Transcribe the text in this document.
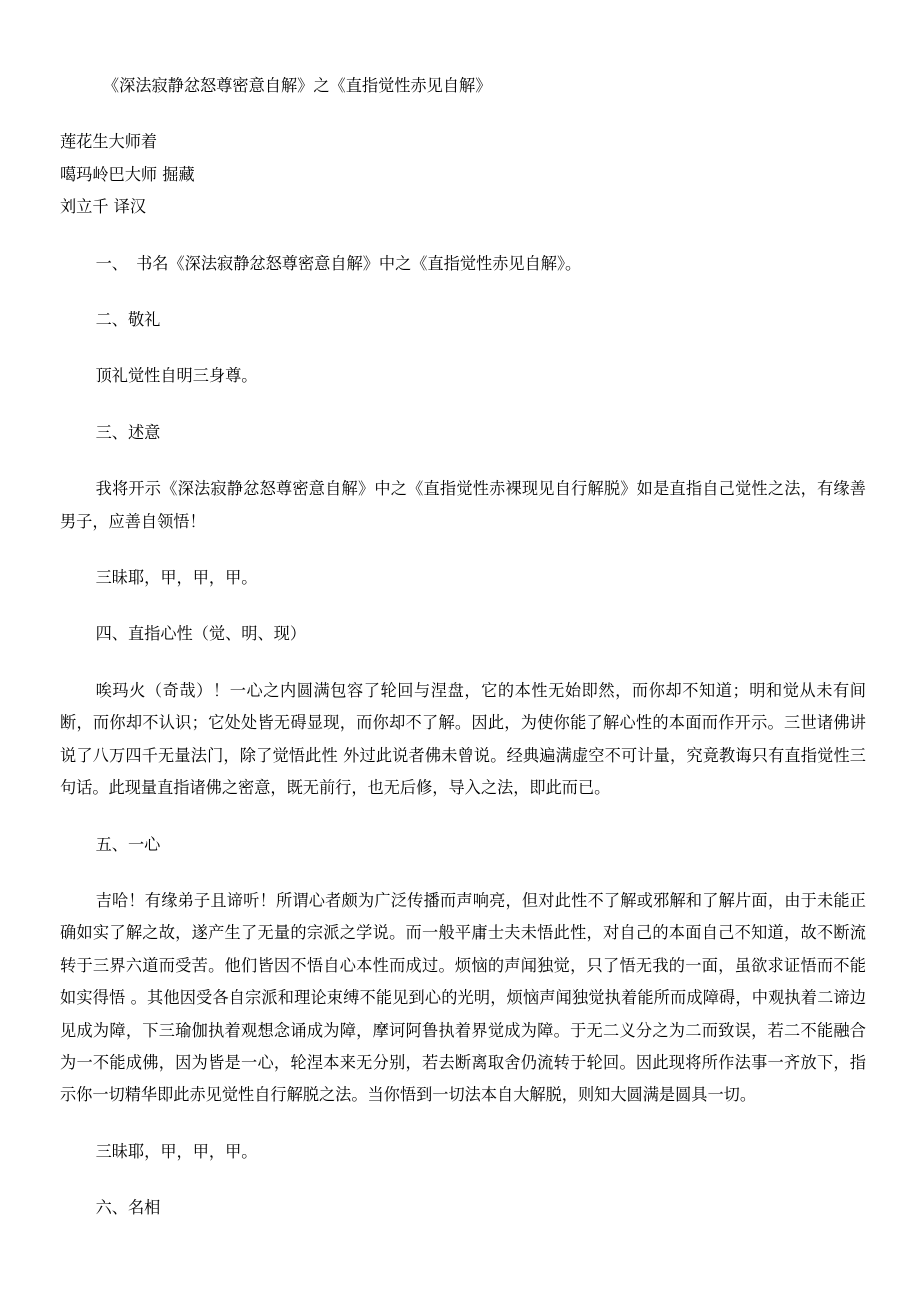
《深法寂静忿怒尊密意自解》之《直指觉性赤见自解》

莲花生大师着

噶玛岭巴大师 掘藏

刘立千 译汉

一、　书名《深法寂静忿怒尊密意自解》中之《直指觉性赤见自解》。

二、敬礼

顶礼觉性自明三身尊。

三、述意

我将开示《深法寂静忿怒尊密意自解》中之《直指觉性赤裸现见自行解脱》如是直指自己觉性之法，有缘善男子，应善自领悟！

三昧耶，甲，甲，甲。

四、直指心性（觉、明、现）

唉玛火（奇哉）！一心之内圆满包容了轮回与涅盘，它的本性无始即然，而你却不知道；明和觉从未有间断，而你却不认识；它处处皆无碍显现，而你却不了解。因此，为使你能了解心性的本面而作开示。三世诸佛讲说了八万四千无量法门，除了觉悟此性 外过此说者佛未曾说。经典遍满虚空不可计量，究竟教诲只有直指觉性三句话。此现量直指诸佛之密意，既无前行，也无后修，导入之法，即此而已。

五、一心

吉哈！有缘弟子且谛听！所谓心者颇为广泛传播而声响亮，但对此性不了解或邪解和了解片面，由于未能正确如实了解之故，遂产生了无量的宗派之学说。而一般平庸士夫未悟此性，对自己的本面自己不知道，故不断流转于三界六道而受苦。他们皆因不悟自心本性而成过。烦恼的声闻独觉，只了悟无我的一面，虽欲求证悟而不能如实得悟 。其他因受各自宗派和理论束缚不能见到心的光明，烦恼声闻独觉执着能所而成障碍，中观执着二谛边见成为障，下三瑜伽执着观想念诵成为障，摩诃阿鲁执着界觉成为障。于无二义分之为二而致误，若二不能融合为一不能成佛，因为皆是一心，轮涅本来无分别，若去断离取舍仍流转于轮回。因此现将所作法事一齐放下，指示你一切精华即此赤见觉性自行解脱之法。当你悟到一切法本自大解脱，则知大圆满是圆具一切。

三昧耶，甲，甲，甲。

六、名相
